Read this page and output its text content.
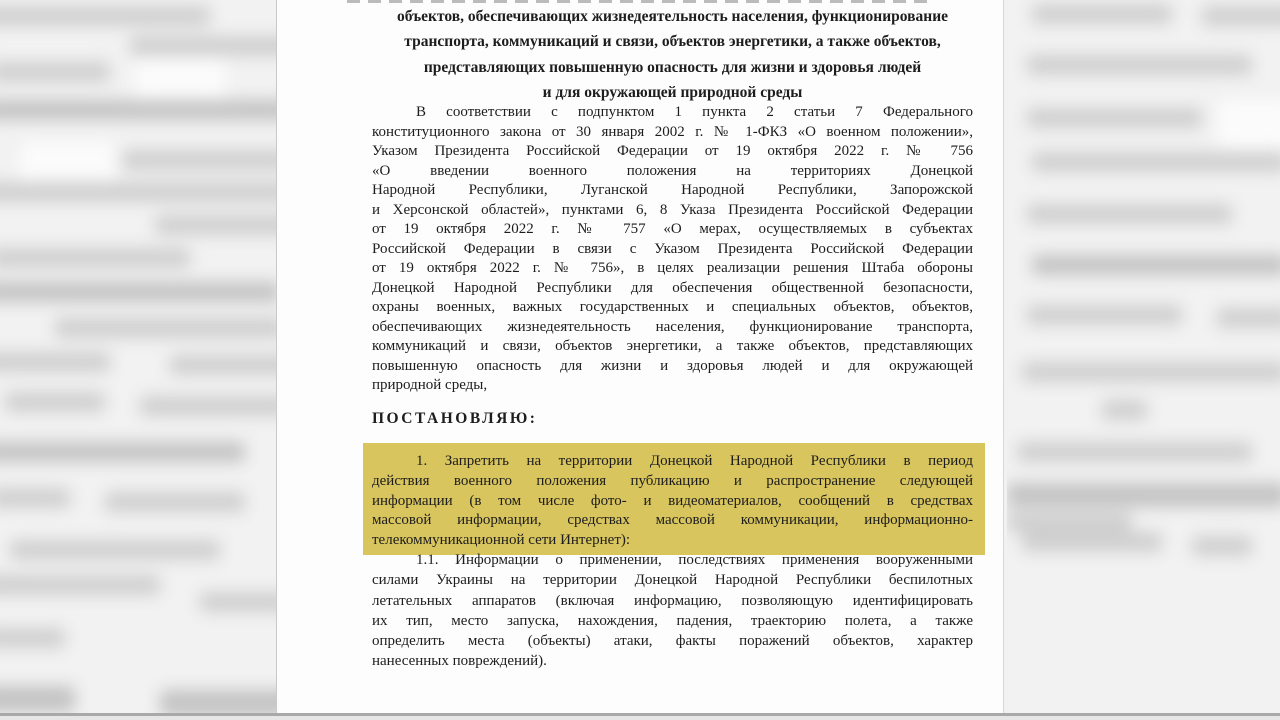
объектов, обеспечивающих жизнедеятельность населения, функционирование
транспорта, коммуникаций и связи, объектов энергетики, а также объектов,
представляющих повышенную опасность для жизни и здоровья людей
и для окружающей природной среды
В соответствии с подпунктом 1 пункта 2 статьи 7 Федерального
конституционного закона от 30 января 2002 г. № 1-ФКЗ «О военном положении»,
Указом Президента Российской Федерации от 19 октября 2022 г. № 756
«О введении военного положения на территориях Донецкой
Народной Республики, Луганской Народной Республики, Запорожской
и Херсонской областей», пунктами 6, 8 Указа Президента Российской Федерации
от 19 октября 2022 г. № 757 «О мерах, осуществляемых в субъектах
Российской Федерации в связи с Указом Президента Российской Федерации
от 19 октября 2022 г. № 756», в целях реализации решения Штаба обороны
Донецкой Народной Республики для обеспечения общественной безопасности,
охраны военных, важных государственных и специальных объектов, объектов,
обеспечивающих жизнедеятельность населения, функционирование транспорта,
коммуникаций и связи, объектов энергетики, а также объектов, представляющих
повышенную опасность для жизни и здоровья людей и для окружающей
природной среды,
ПОСТАНОВЛЯЮ:
1. Запретить на территории Донецкой Народной Республики в период
действия военного положения публикацию и распространение следующей
информации (в том числе фото- и видеоматериалов, сообщений в средствах
массовой информации, средствах массовой коммуникации, информационно-
телекоммуникационной сети Интернет):
1.1. Информации о применении, последствиях применения вооруженными
силами Украины на территории Донецкой Народной Республики беспилотных
летательных аппаратов (включая информацию, позволяющую идентифицировать
их тип, место запуска, нахождения, падения, траекторию полета, а также
определить места (объекты) атаки, факты поражений объектов, характер
нанесенных повреждений).
